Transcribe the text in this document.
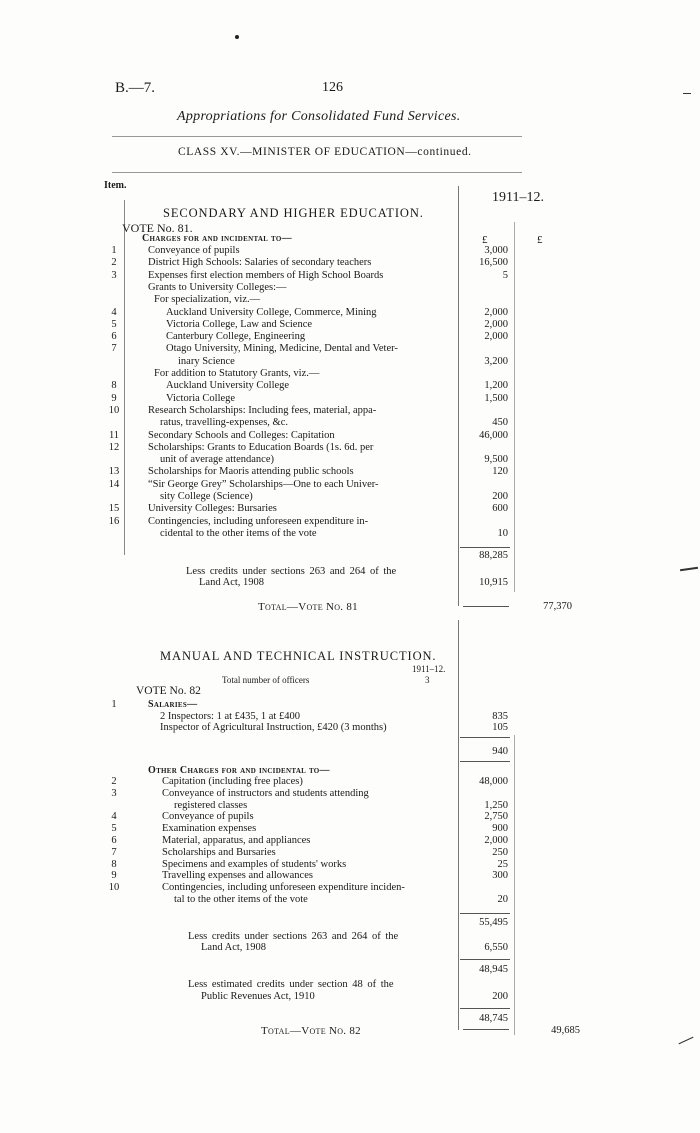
B.—7.	126
Appropriations for Consolidated Fund Services.
CLASS XV.—MINISTER OF EDUCATION—continued.
Item.
1911–12.
SECONDARY AND HIGHER EDUCATION.
VOTE No. 81.
£	£
Charges for and incidental to—
1	Conveyance of pupils	3,000
2	District High Schools: Salaries of secondary teachers	16,500
3	Expenses first election members of High School Boards	5
Grants to University Colleges:—
For specialization, viz.—
4	Auckland University College, Commerce, Mining	2,000
5	Victoria College, Law and Science	2,000
6	Canterbury College, Engineering	2,000
7	Otago University, Mining, Medicine, Dental and Veter-
inary Science	3,200
For addition to Statutory Grants, viz.—
8	Auckland University College	1,200
9	Victoria College	1,500
10	Research Scholarships: Including fees, material, appa-
ratus, travelling-expenses, &c.	450
11	Secondary Schools and Colleges: Capitation	46,000
12	Scholarships: Grants to Education Boards (1s. 6d. per
unit of average attendance)	9,500
13	Scholarships for Maoris attending public schools	120
14	“Sir George Grey” Scholarships—One to each Univer-
sity College (Science)	200
15	University Colleges: Bursaries	600
16	Contingencies, including unforeseen expenditure in-
cidental to the other items of the vote	10
88,285
Less credits under sections 263 and 264 of the
Land Act, 1908	10,915
Total—Vote No. 81	77,370
MANUAL AND TECHNICAL INSTRUCTION.
1911–12.
Total number of officers	3
VOTE No. 82
1	Salaries—
2 Inspectors: 1 at £435, 1 at £400	835
Inspector of Agricultural Instruction, £420 (3 months)	105
940
Other Charges for and incidental to—
2	Capitation (including free places)	48,000
3	Conveyance of instructors and students attending
registered classes	1,250
4	Conveyance of pupils	2,750
5	Examination expenses	900
6	Material, apparatus, and appliances	2,000
7	Scholarships and Bursaries	250
8	Specimens and examples of students' works	25
9	Travelling expenses and allowances	300
10	Contingencies, including unforeseen expenditure inciden-
tal to the other items of the vote	20
55,495
Less credits under sections 263 and 264 of the
Land Act, 1908	6,550
48,945
Less estimated credits under section 48 of the
Public Revenues Act, 1910	200
48,745
Total—Vote No. 82	49,685
